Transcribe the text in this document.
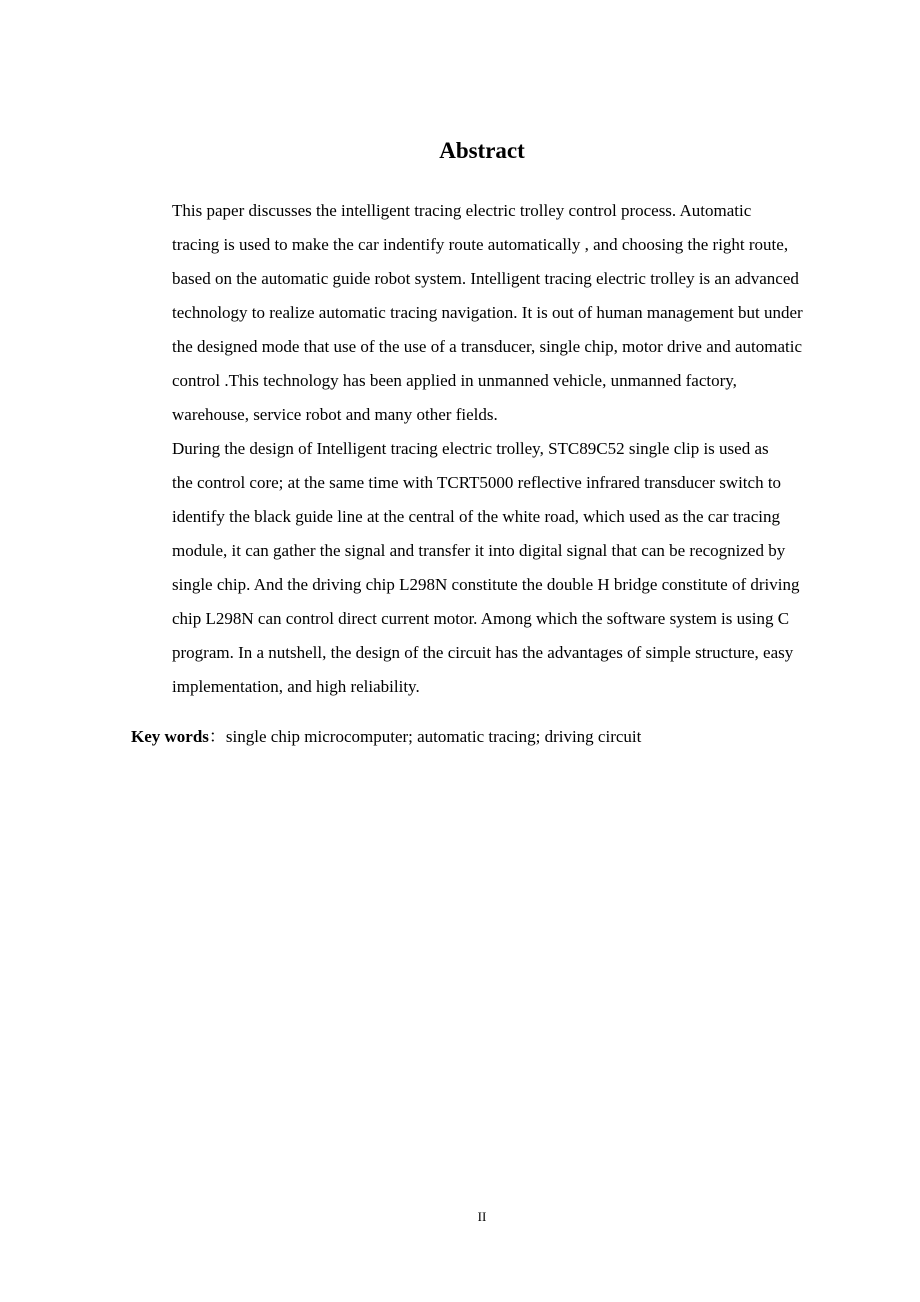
Abstract

This paper discusses the intelligent tracing electric trolley control process. Automatic
tracing is used to make the car indentify route automatically , and choosing the right route,
based on the automatic guide robot system. Intelligent tracing electric trolley is an advanced
technology to realize automatic tracing navigation. It is out of human management but under
the designed mode that use of the use of a transducer, single chip, motor drive and automatic
control .This technology has been applied in unmanned vehicle, unmanned factory,
warehouse, service robot and many other fields.

During the design of Intelligent tracing electric trolley, STC89C52 single clip is used as
the control core; at the same time with TCRT5000 reflective infrared transducer switch to
identify the black guide line at the central of the white road, which used as the car tracing
module, it can gather the signal and transfer it into digital signal that can be recognized by
single chip. And the driving chip L298N constitute the double H bridge constitute of driving
chip L298N can control direct current motor. Among which the software system is using C
program. In a nutshell, the design of the circuit has the advantages of simple structure, easy
implementation, and high reliability.

Key words：single chip microcomputer; automatic tracing; driving circuit
II
